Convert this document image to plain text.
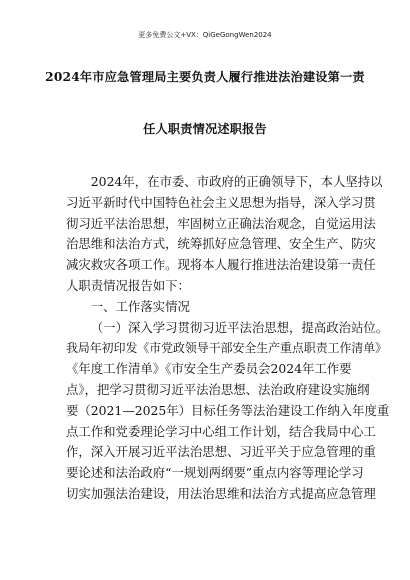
更多免费公文+VX：QiGeGongWen2024
2024年市应急管理局主要负责人履行推进法治建设第一责
任人职责情况述职报告

2024年，在市委、市政府的正确领导下，本人坚持以
习近平新时代中国特色社会主义思想为指导，深入学习贯
彻习近平法治思想，牢固树立正确法治观念，自觉运用法
治思维和法治方式，统筹抓好应急管理、安全生产、防灾
减灾救灾各项工作。现将本人履行推进法治建设第一责任
人职责情况报告如下：

一、工作落实情况

（一）深入学习贯彻习近平法治思想，提高政治站位。
我局年初印发《市党政领导干部安全生产重点职责工作清单》
《年度工作清单》《市安全生产委员会2024年工作要
点》，把学习贯彻习近平法治思想、法治政府建设实施纲
要（2021—2025年）目标任务等法治建设工作纳入年度重
点工作和党委理论学习中心组工作计划，结合我局中心工
作，深入开展习近平法治思想、习近平关于应急管理的重
要论述和法治政府“一规划两纲要”重点内容等理论学习
切实加强法治建设，用法治思维和法治方式提高应急管理
